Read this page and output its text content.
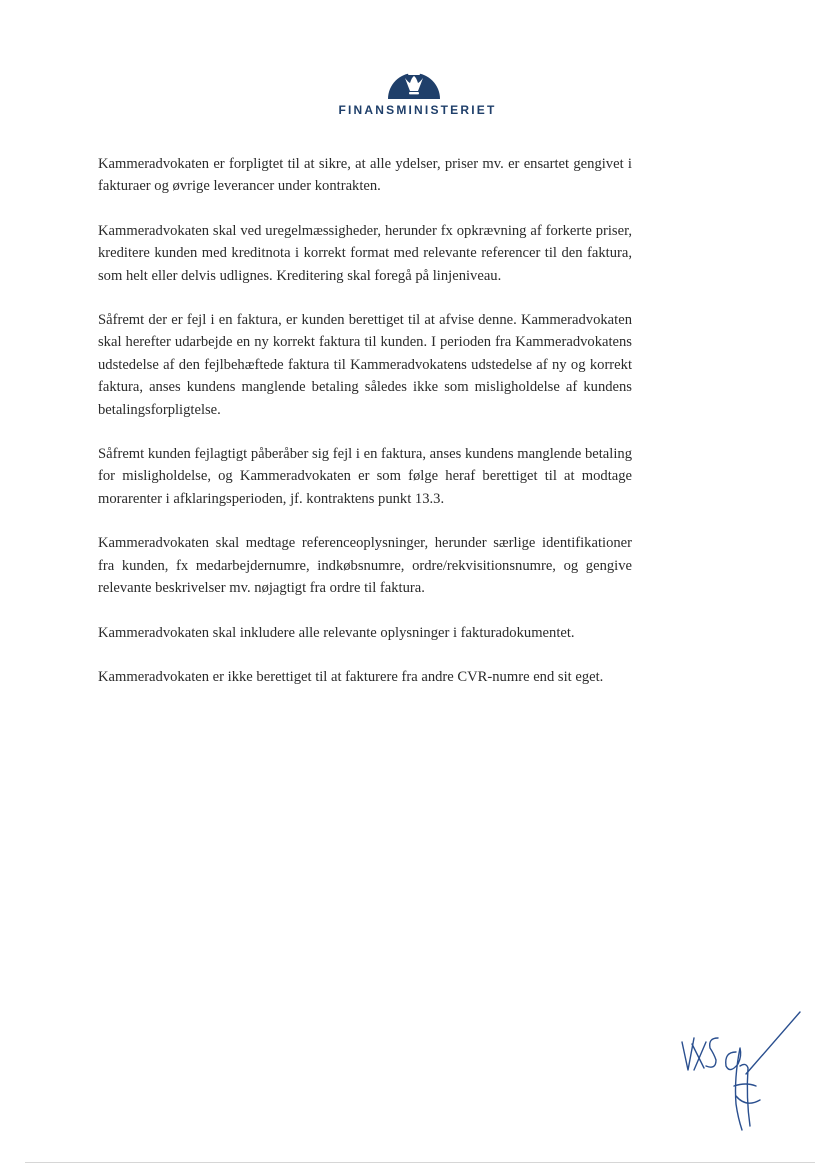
FINANSMINISTERIET

Kammeradvokaten er forpligtet til at sikre, at alle ydelser, priser mv. er ensartet gengivet i fakturaer og øvrige leverancer under kontrakten.

Kammeradvokaten skal ved uregelmæssigheder, herunder fx opkrævning af forkerte priser, kreditere kunden med kreditnota i korrekt format med relevante referencer til den faktura, som helt eller delvis udlignes. Kreditering skal foregå på linjeniveau.

Såfremt der er fejl i en faktura, er kunden berettiget til at afvise denne. Kammeradvokaten skal herefter udarbejde en ny korrekt faktura til kunden. I perioden fra Kammeradvokatens udstedelse af den fejlbehæftede faktura til Kammeradvokatens udstedelse af ny og korrekt faktura, anses kundens manglende betaling således ikke som misligholdelse af kundens betalingsforpligtelse.

Såfremt kunden fejlagtigt påberåber sig fejl i en faktura, anses kundens manglende betaling for misligholdelse, og Kammeradvokaten er som følge heraf berettiget til at modtage morarenter i afklaringsperioden, jf. kontraktens punkt 13.3.

Kammeradvokaten skal medtage referenceoplysninger, herunder særlige identifikationer fra kunden, fx medarbejdernumre, indkøbsnumre, ordre/rekvisitionsnumre, og gengive relevante beskrivelser mv. nøjagtigt fra ordre til faktura.

Kammeradvokaten skal inkludere alle relevante oplysninger i fakturadokumentet.

Kammeradvokaten er ikke berettiget til at fakturere fra andre CVR-numre end sit eget.
